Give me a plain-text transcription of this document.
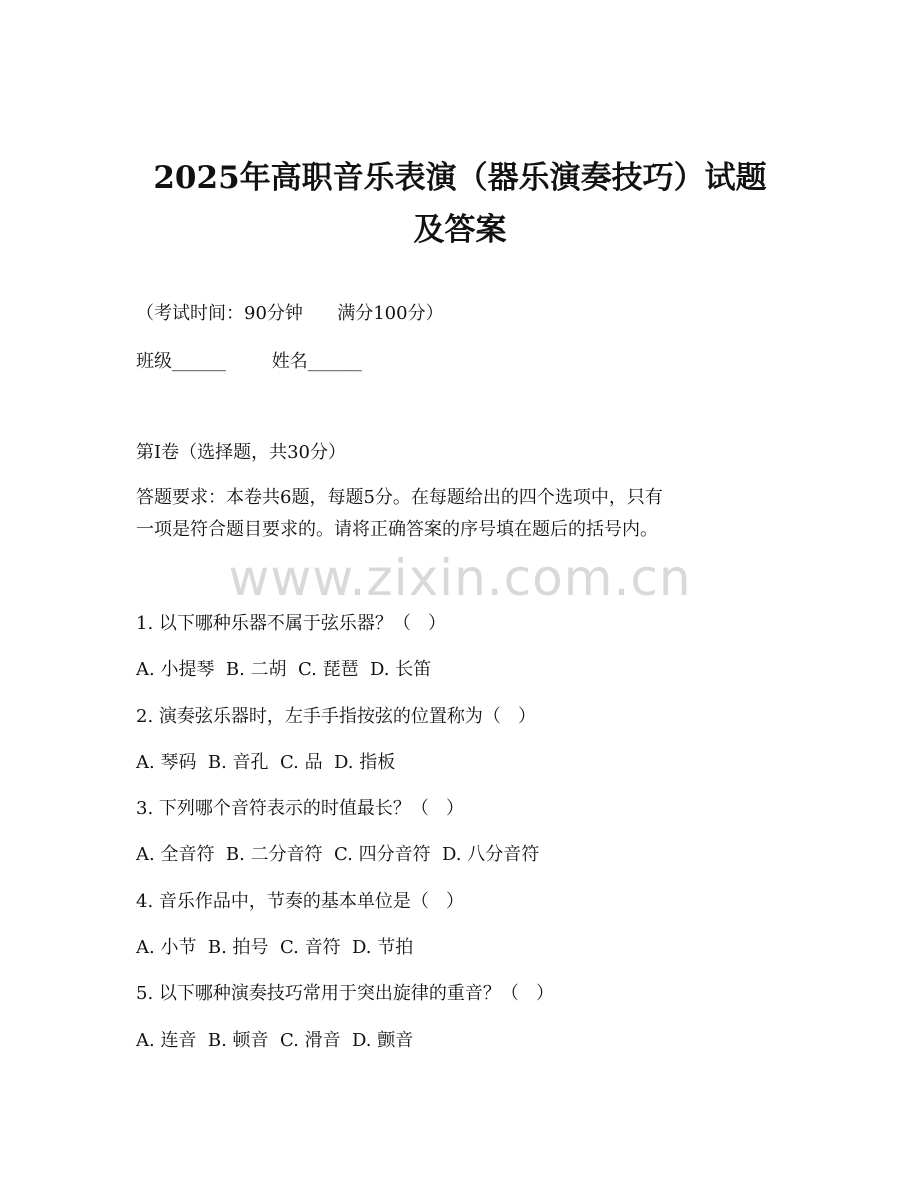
2025年高职音乐表演（器乐演奏技巧）试题
及答案
（考试时间：90分钟      满分100分）
班级______        姓名______
第I卷（选择题，共30分）
答题要求：本卷共6题，每题5分。在每题给出的四个选项中，只有
一项是符合题目要求的。请将正确答案的序号填在题后的括号内。
www.zixin.com.cn
1. 以下哪种乐器不属于弦乐器？（   ）
A. 小提琴  B. 二胡  C. 琵琶  D. 长笛
2. 演奏弦乐器时，左手手指按弦的位置称为（   ）
A. 琴码  B. 音孔  C. 品  D. 指板
3. 下列哪个音符表示的时值最长？（   ）
A. 全音符  B. 二分音符  C. 四分音符  D. 八分音符
4. 音乐作品中，节奏的基本单位是（   ）
A. 小节  B. 拍号  C. 音符  D. 节拍
5. 以下哪种演奏技巧常用于突出旋律的重音？（   ）
A. 连音  B. 顿音  C. 滑音  D. 颤音
